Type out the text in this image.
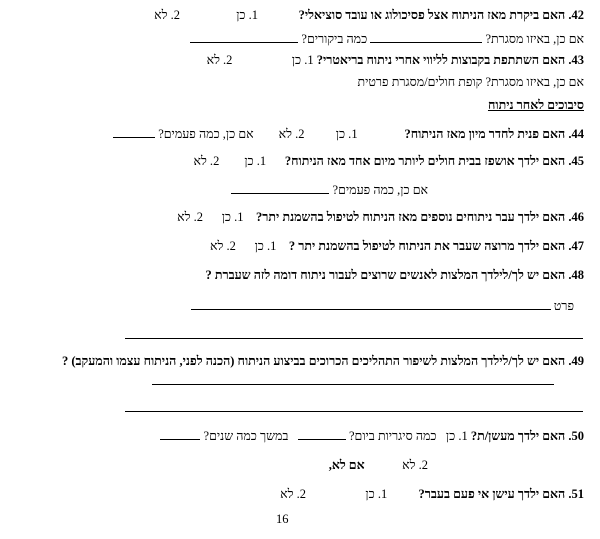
42. האם ביקרת מאז הניתוח אצל פסיכולוג או עובד סוציאלי?             1. כן                  2. לא
אם כן, באיזו מסגרת?  כמה ביקורים?
43. האם השתתפת בקבוצות לליווי אחרי ניתוח בריאטרי? 1. כן                   2. לא
אם כן, באיזו מסגרת? קופת חולים/מסגרת פרטית
סיבוכים לאחר ניתוח
44. האם פנית לחדר מיון מאז הניתוח?               1. כן          2. לא        אם כן, כמה פעמים?
45. האם ילדך אושפז בבית חולים ליותר מיום אחד מאז הניתוח?      1. כן        2. לא
אם כן, כמה פעמים?
46. האם ילדך עבר ניתוחים נוספים מאז הניתוח לטיפול בהשמנת יתר?    1. כן      2. לא
47. האם ילדך מרוצה שעבר את הניתוח לטיפול בהשמנת יתר ?    1. כן      2. לא
48. האם יש לך/לילדך המלצות לאנשים שרוצים לעבור ניתוח דומה לזה שעברת ?
פרט
49. האם יש לך/לילדך המלצות לשיפור התהליכים הכרוכים בביצוע הניתוח (הכנה לפני, הניתוח עצמו והמעקב) ?
50. האם ילדך מעשן/ת? 1. כן   כמה סיגריות ביום?    במשך כמה שנים?
2. לא            אם לא,
51. האם ילדך עישן אי פעם בעבר?          1. כן                   2. לא
16
